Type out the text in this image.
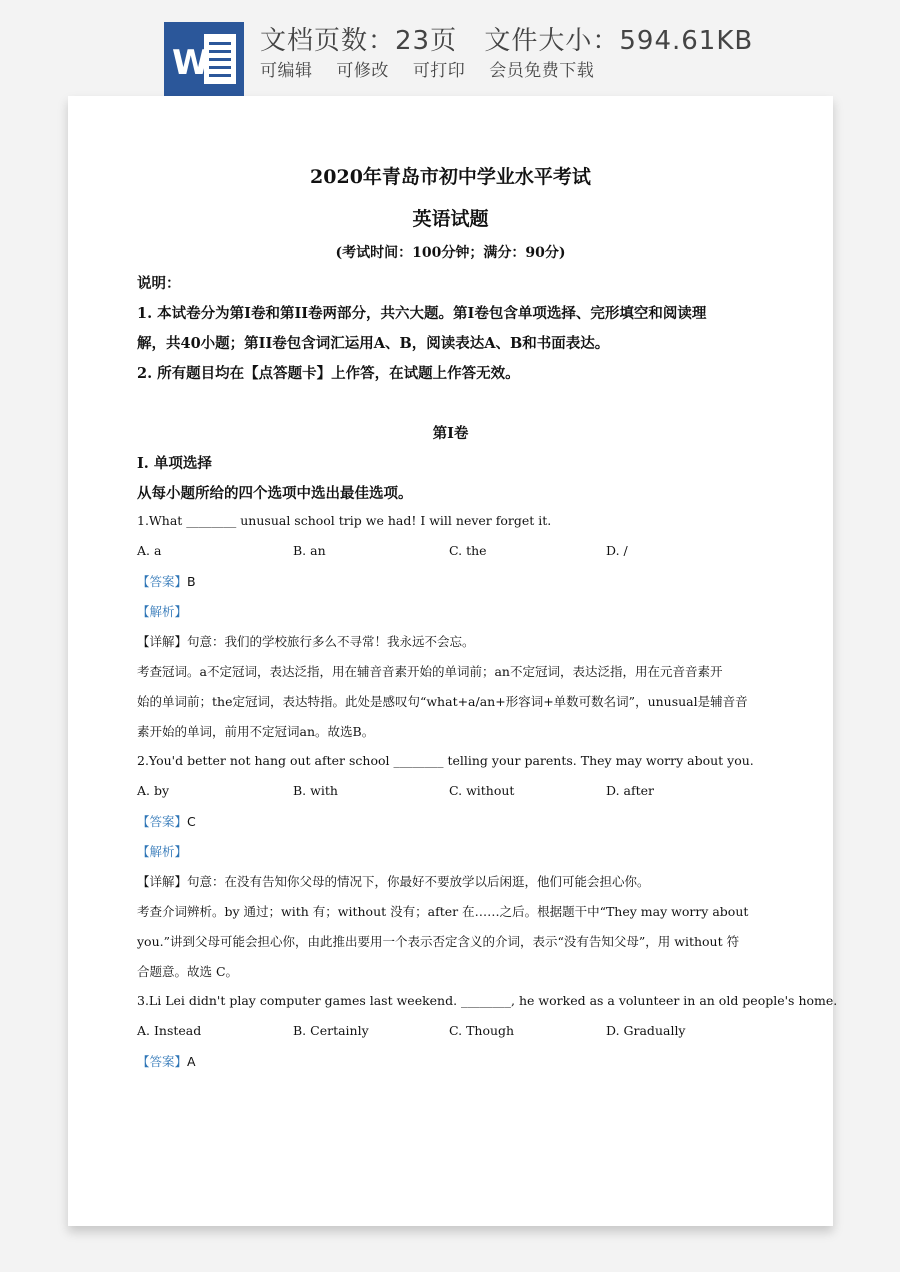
W
文档页数：23页 文件大小：594.61KB
可编辑 可修改 可打印 会员免费下载
2020年青岛市初中学业水平考试
英语试题
(考试时间：100分钟；满分：90分)
说明：
1. 本试卷分为第I卷和第II卷两部分，共六大题。第I卷包含单项选择、完形填空和阅读理
解，共40小题；第II卷包含词汇运用A、B，阅读表达A、B和书面表达。
2. 所有题目均在【点答题卡】上作答，在试题上作答无效。
第I卷
I. 单项选择
从每小题所给的四个选项中选出最佳选项。
1.What ________ unusual school trip we had! I will never forget it.
A. a	B. an	C. the	D. /
【答案】B
【解析】
【详解】句意：我们的学校旅行多么不寻常！我永远不会忘。
考查冠词。a不定冠词，表达泛指，用在辅音音素开始的单词前；an不定冠词，表达泛指，用在元音音素开
始的单词前；the定冠词，表达特指。此处是感叹句“what+a/an+形容词+单数可数名词”，unusual是辅音音
素开始的单词，前用不定冠词an。故选B。
2.You'd better not hang out after school ________ telling your parents. They may worry about you.
A. by	B. with	C. without	D. after
【答案】C
【解析】
【详解】句意：在没有告知你父母的情况下，你最好不要放学以后闲逛，他们可能会担心你。
考查介词辨析。by 通过；with 有；without 没有；after 在……之后。根据题干中“They may worry about
you.”讲到父母可能会担心你，由此推出要用一个表示否定含义的介词，表示“没有告知父母”，用 without 符
合题意。故选 C。
3.Li Lei didn't play computer games last weekend. ________, he worked as a volunteer in an old people's home.
A. Instead	B. Certainly	C. Though	D. Gradually
【答案】A
